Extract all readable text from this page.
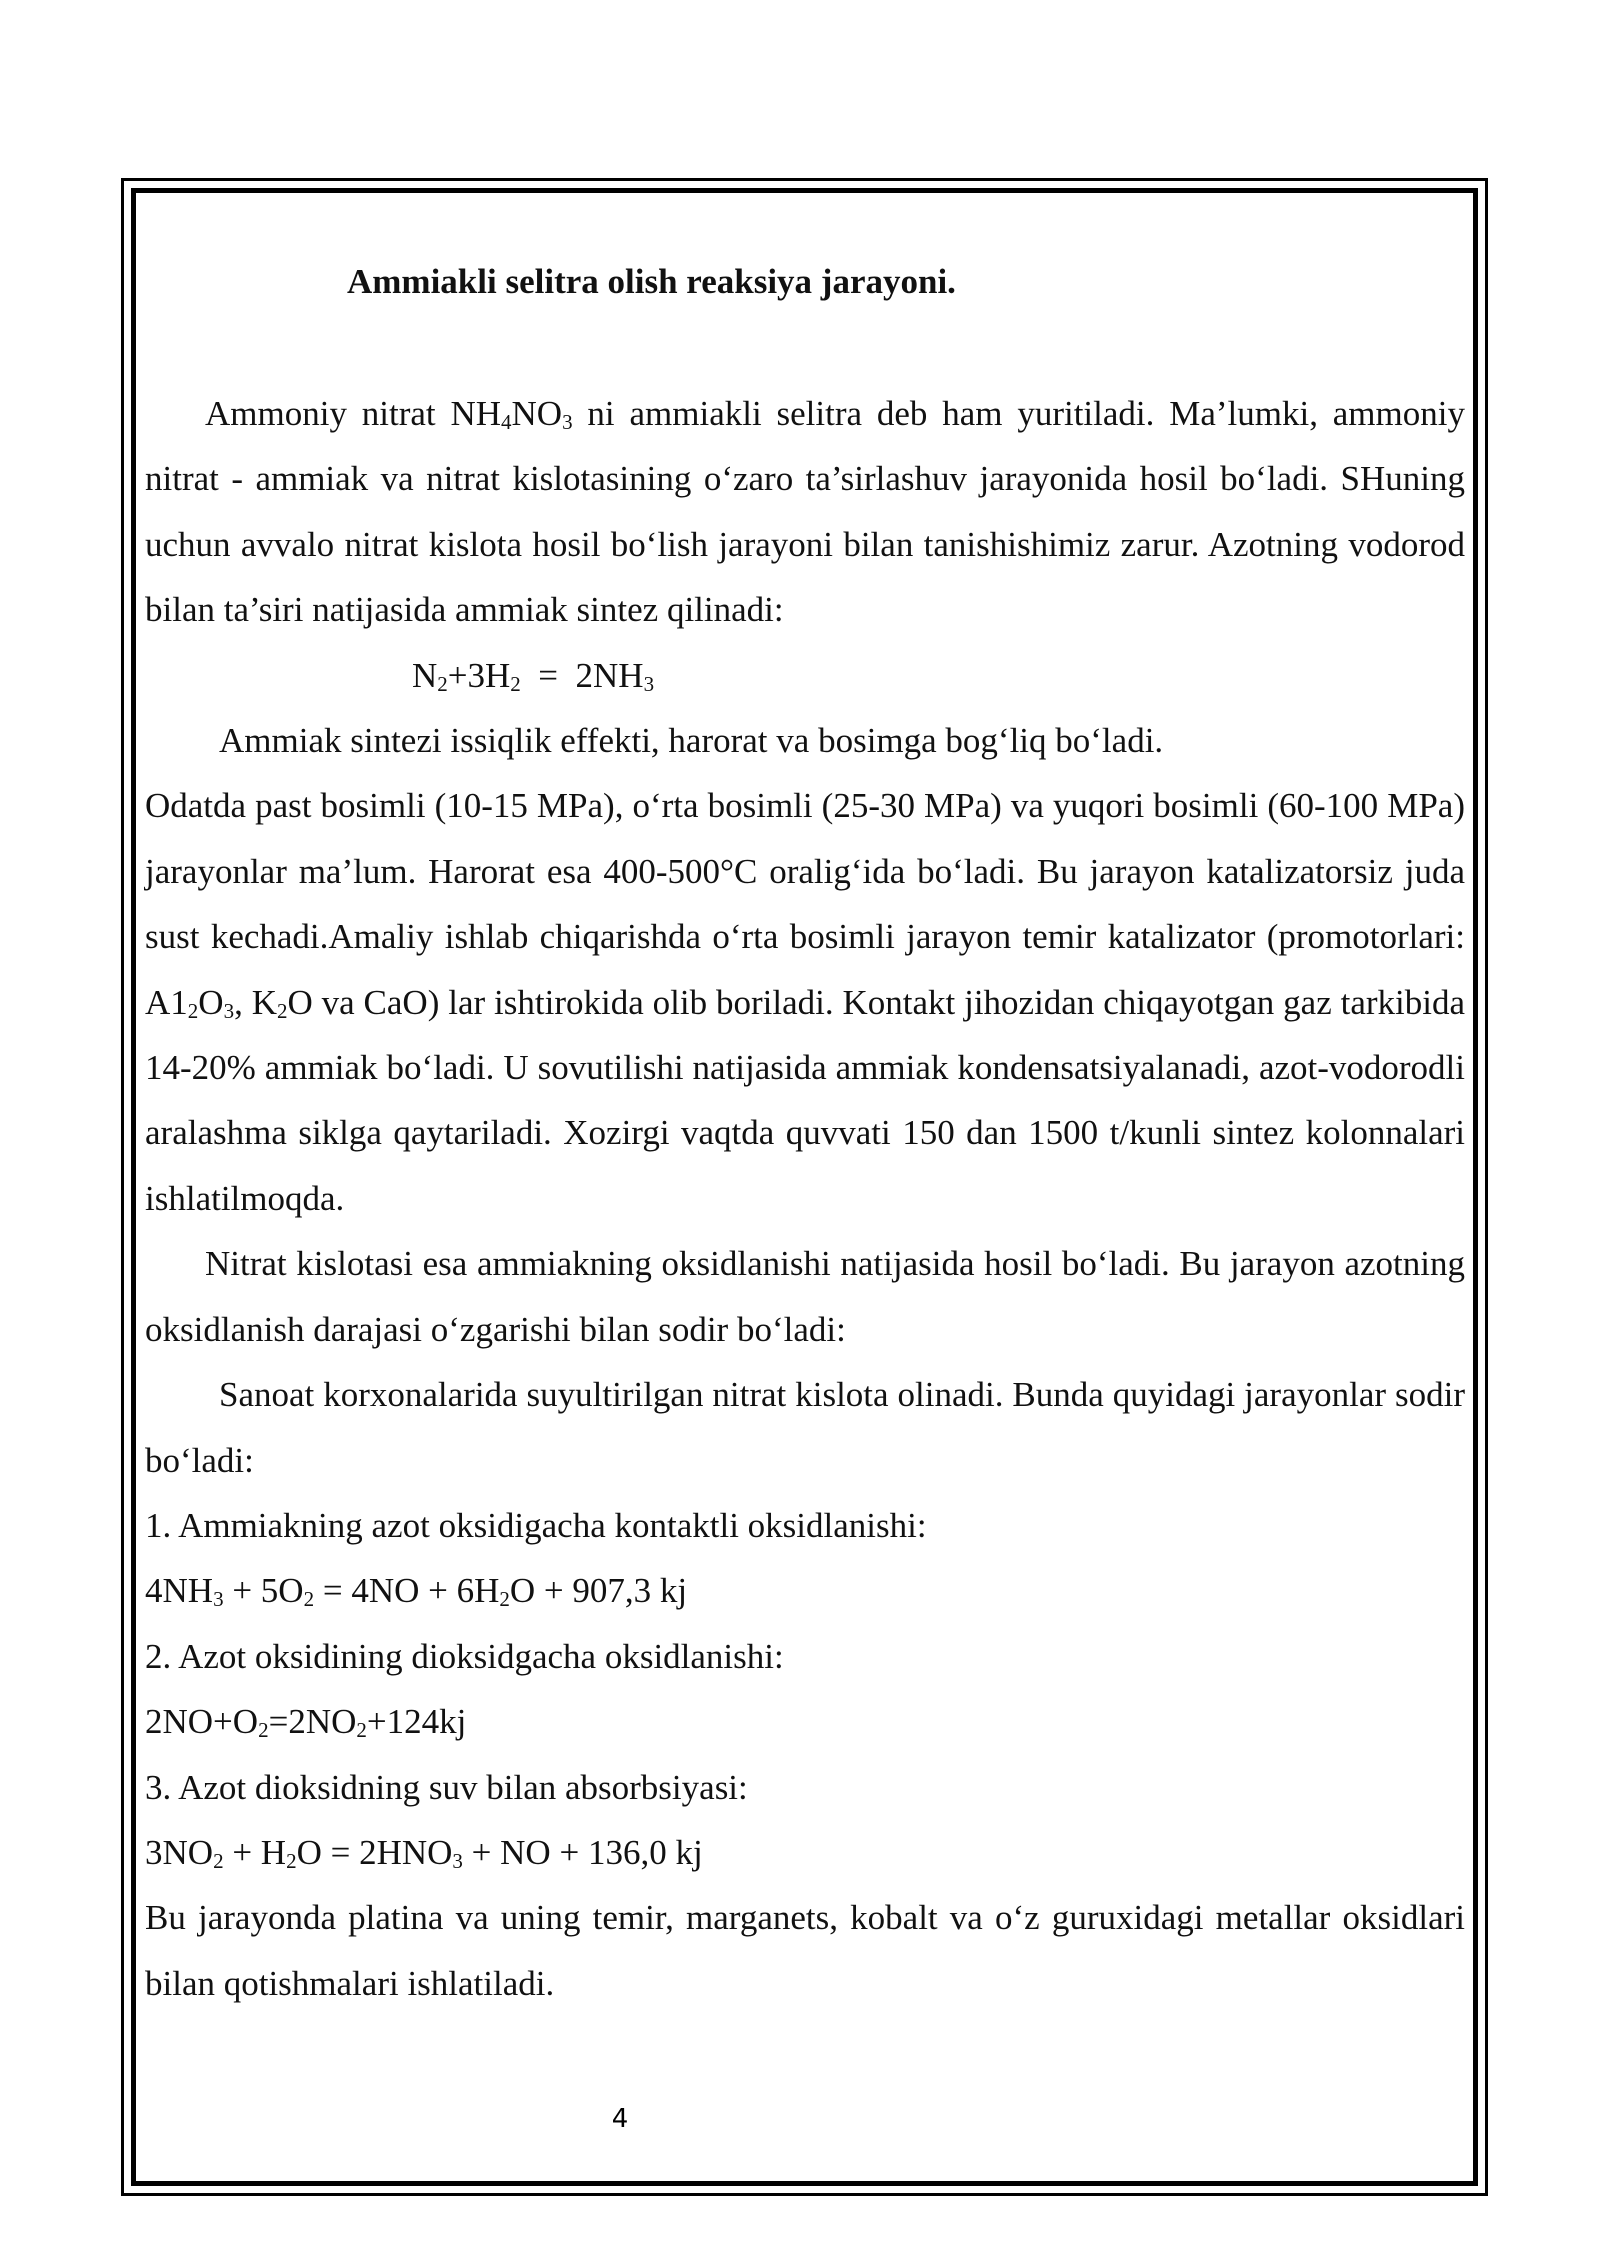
Ammiakli selitra olish reaksiya jarayoni.

Ammoniy nitrat $NH_4NO_3$ ni ammiakli selitra deb ham yuritiladi. Ma’lumki, ammoniy nitrat - ammiak va nitrat kislotasining o‘zaro ta’sirlashuv jarayonida hosil bo‘ladi. SHuning uchun avvalo nitrat kislota hosil bo‘lish jarayoni bilan tanishishimiz zarur. Azotning vodorod bilan ta’siri natijasida ammiak sintez qilinadi:

$N_2+3H_2 = 2NH_3$

Ammiak sintezi issiqlik effekti, harorat va bosimga bog‘liq bo‘ladi.

Odatda past bosimli (10-15 MPa), o‘rta bosimli (25-30 MPa) va yuqori bosimli (60-100 MPa) jarayonlar ma’lum. Harorat esa 400-500°C oralig‘ida bo‘ladi. Bu jarayon katalizatorsiz juda sust kechadi.Amaliy ishlab chiqarishda o‘rta bosimli jarayon temir katalizator (promotorlari: $A1_2O_3$, $K_2O$ va CaO) lar ishtirokida olib boriladi. Kontakt jihozidan chiqayotgan gaz tarkibida 14-20% ammiak bo‘ladi. U sovutilishi natijasida ammiak kondensatsiyalanadi, azot-vodorodli aralashma siklga qaytariladi. Xozirgi vaqtda quvvati 150 dan 1500 t/kunli sintez kolonnalari ishlatilmoqda.

Nitrat kislotasi esa ammiakning oksidlanishi natijasida hosil bo‘ladi. Bu jarayon azotning oksidlanish darajasi o‘zgarishi bilan sodir bo‘ladi:

Sanoat korxonalarida suyultirilgan nitrat kislota olinadi. Bunda quyidagi jarayonlar sodir bo‘ladi:

1. Ammiakning azot oksidigacha kontaktli oksidlanishi:

$4NH_3 + 5O_2 = 4NO + 6H_2O + 907,3$ kj

2. Azot oksidining dioksidgacha oksidlanishi:

$2NO+O_2=2NO_2+124kj$

3. Azot dioksidning suv bilan absorbsiyasi:

$3NO_2 + H_2O = 2HNO_3$ + NO + 136,0 kj

Bu jarayonda platina va uning temir, marganets, kobalt va o‘z guruxidagi metallar oksidlari bilan qotishmalari ishlatiladi.

4
